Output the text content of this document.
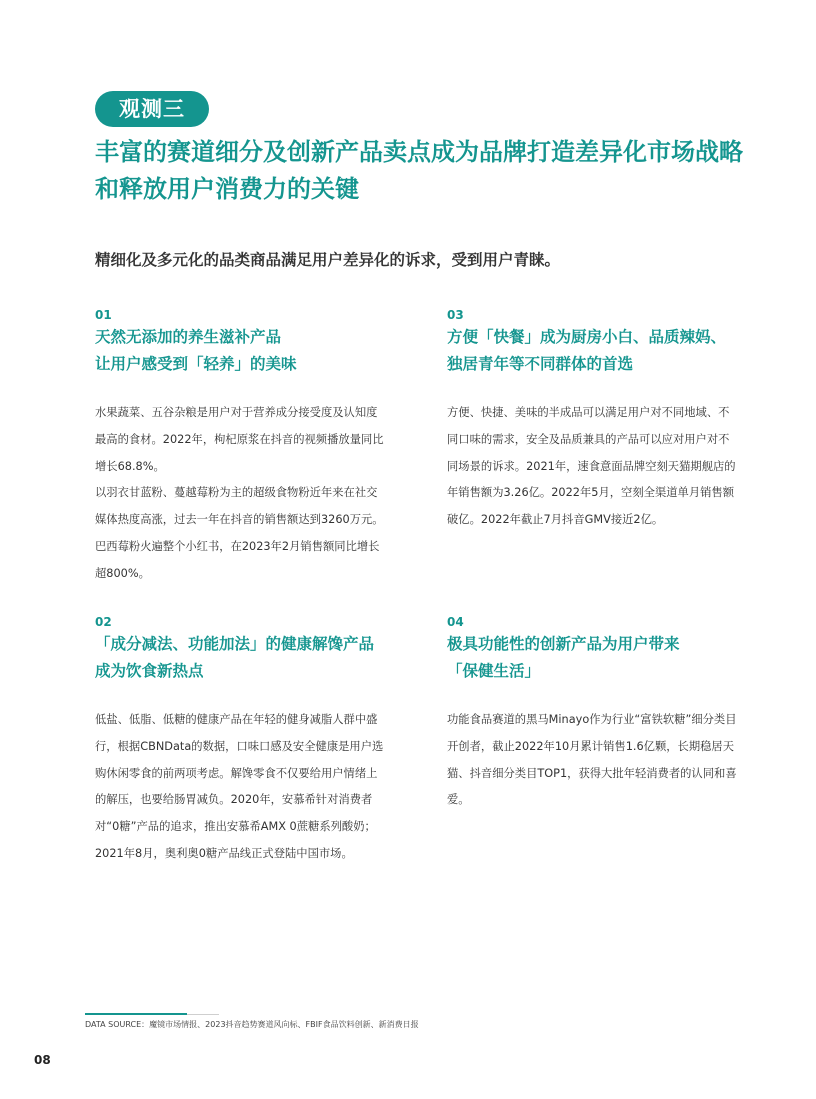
观测三
丰富的赛道细分及创新产品卖点成为品牌打造差异化市场战略
和释放用户消费力的关键
精细化及多元化的品类商品满足用户差异化的诉求，受到用户青睐。
01
天然无添加的养生滋补产品
让用户感受到「轻养」的美味

水果蔬菜、五谷杂粮是用户对于营养成分接受度及认知度最高的食材。2022年，枸杞原浆在抖音的视频播放量同比增长68.8%。

以羽衣甘蓝粉、蔓越莓粉为主的超级食物粉近年来在社交媒体热度高涨，过去一年在抖音的销售额达到3260万元。巴西莓粉火遍整个小红书，在2023年2月销售额同比增长超800%。

02
「成分减法、功能加法」的健康解馋产品
成为饮食新热点

低盐、低脂、低糖的健康产品在年轻的健身减脂人群中盛行，根据CBNData的数据，口味口感及安全健康是用户选购休闲零食的前两项考虑。解馋零食不仅要给用户情绪上的解压，也要给肠胃减负。2020年，安慕希针对消费者对“0糖”产品的追求，推出安慕希AMX 0蔗糖系列酸奶；2021年8月，奥利奥0糖产品线正式登陆中国市场。

03
方便「快餐」成为厨房小白、品质辣妈、
独居青年等不同群体的首选

方便、快捷、美味的半成品可以满足用户对不同地域、不同口味的需求，安全及品质兼具的产品可以应对用户对不同场景的诉求。2021年，速食意面品牌空刻天猫期舰店的年销售额为3.26亿。2022年5月，空刻全渠道单月销售额破亿。2022年截止7月抖音GMV接近2亿。

04
极具功能性的创新产品为用户带来
「保健生活」

功能食品赛道的黑马Minayo作为行业“富铁软糖”细分类目开创者，截止2022年10月累计销售1.6亿颗，长期稳居天猫、抖音细分类目TOP1，获得大批年轻消费者的认同和喜爱。

DATA SOURCE：魔镜市场情报、2023抖音趋势赛道风向标、FBIF食品饮料创新、新消费日报
08
